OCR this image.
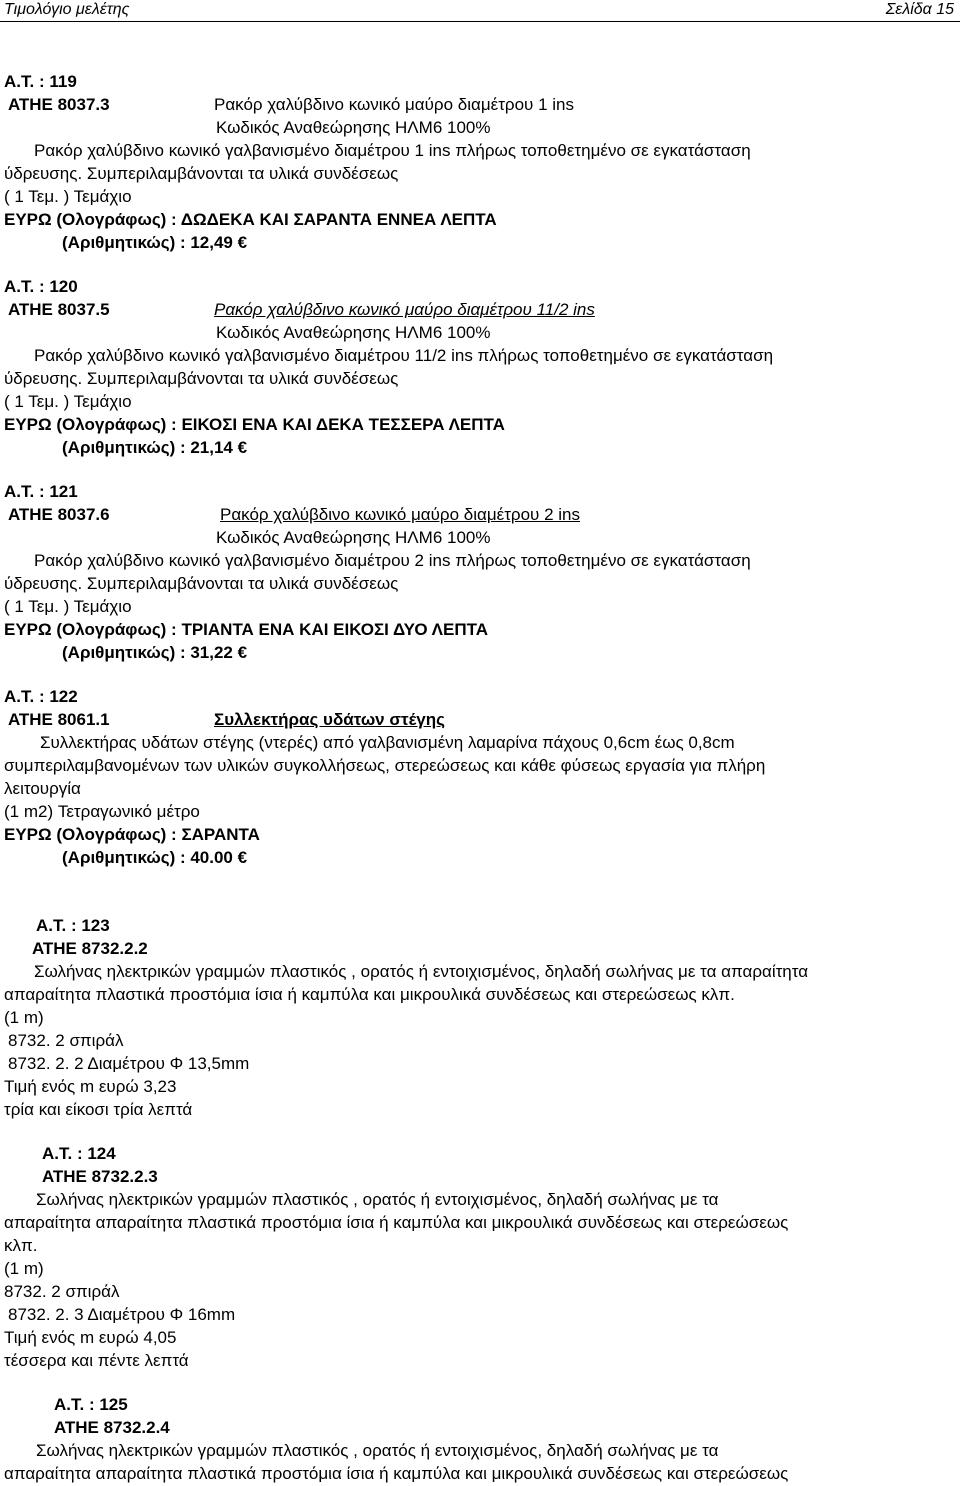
Τιμολόγιο μελέτης	Σελίδα 15
Α.Τ. : 119
ΑΤΗΕ 8037.3	Ρακόρ χαλύβδινο κωνικό μαύρο διαμέτρου 1 ins
Κωδικός Αναθεώρησης ΗΛΜ6 100%
Ρακόρ χαλύβδινο κωνικό γαλβανισμένο διαμέτρου 1 ins πλήρως τοποθετημένο σε εγκατάσταση
ύδρευσης. Συμπεριλαμβάνονται τα υλικά συνδέσεως
( 1 Τεμ. ) Τεμάχιο
ΕΥΡΩ (Ολογράφως) : ΔΩΔΕΚΑ ΚΑΙ ΣΑΡΑΝΤΑ ΕΝΝΕΑ ΛΕΠΤΑ
(Αριθμητικώς) : 12,49 €
Α.Τ. : 120
ΑΤΗΕ 8037.5	Ρακόρ χαλύβδινο κωνικό μαύρο διαμέτρου 11/2 ins
Κωδικός Αναθεώρησης ΗΛΜ6 100%
Ρακόρ χαλύβδινο κωνικό γαλβανισμένο διαμέτρου 11/2 ins πλήρως τοποθετημένο σε εγκατάσταση
ύδρευσης. Συμπεριλαμβάνονται τα υλικά συνδέσεως
( 1 Τεμ. ) Τεμάχιο
ΕΥΡΩ (Ολογράφως) : ΕΙΚΟΣΙ ΕΝΑ ΚΑΙ ΔΕΚΑ ΤΕΣΣΕΡΑ ΛΕΠΤΑ
(Αριθμητικώς) : 21,14 €
Α.Τ. : 121
ΑΤΗΕ 8037.6	Ρακόρ χαλύβδινο κωνικό μαύρο διαμέτρου 2 ins
Κωδικός Αναθεώρησης ΗΛΜ6 100%
Ρακόρ χαλύβδινο κωνικό γαλβανισμένο διαμέτρου 2 ins πλήρως τοποθετημένο σε εγκατάσταση
ύδρευσης. Συμπεριλαμβάνονται τα υλικά συνδέσεως
( 1 Τεμ. ) Τεμάχιο
ΕΥΡΩ (Ολογράφως) : ΤΡΙΑΝΤΑ ΕΝΑ ΚΑΙ ΕΙΚΟΣΙ ΔΥΟ ΛΕΠΤΑ
(Αριθμητικώς) : 31,22 €
Α.Τ. : 122
ΑΤΗΕ 8061.1	Συλλεκτήρας υδάτων στέγης
Συλλεκτήρας υδάτων στέγης (ντερές) από γαλβανισμένη λαμαρίνα πάχους 0,6cm έως 0,8cm
συμπεριλαμβανομένων των υλικών συγκολλήσεως, στερεώσεως και κάθε φύσεως εργασία για πλήρη
λειτουργία
(1 m2) Τετραγωνικό μέτρο
ΕΥΡΩ (Ολογράφως) : ΣΑΡΑΝΤΑ
(Αριθμητικώς) : 40.00 €
Α.Τ. : 123
ΑΤΗΕ 8732.2.2
Σωλήνας ηλεκτρικών γραμμών πλαστικός , ορατός ή εντοιχισμένος, δηλαδή σωλήνας με τα απαραίτητα
απαραίτητα πλαστικά προστόμια ίσια ή καμπύλα και μικρουλικά συνδέσεως και στερεώσεως κλπ.
(1 m)
8732. 2 σπιράλ
8732. 2. 2 Διαμέτρου Φ 13,5mm
Τιμή ενός m ευρώ 3,23
τρία και είκοσι τρία λεπτά
Α.Τ. : 124
ΑΤΗΕ 8732.2.3
Σωλήνας ηλεκτρικών γραμμών πλαστικός , ορατός ή εντοιχισμένος, δηλαδή σωλήνας με τα
απαραίτητα απαραίτητα πλαστικά προστόμια ίσια ή καμπύλα και μικρουλικά συνδέσεως και στερεώσεως
κλπ.
(1 m)
8732. 2 σπιράλ
8732. 2. 3 Διαμέτρου Φ 16mm
Τιμή ενός m ευρώ 4,05
τέσσερα και πέντε λεπτά
Α.Τ. : 125
ΑΤΗΕ 8732.2.4
Σωλήνας ηλεκτρικών γραμμών πλαστικός , ορατός ή εντοιχισμένος, δηλαδή σωλήνας με τα
απαραίτητα απαραίτητα πλαστικά προστόμια ίσια ή καμπύλα και μικρουλικά συνδέσεως και στερεώσεως
